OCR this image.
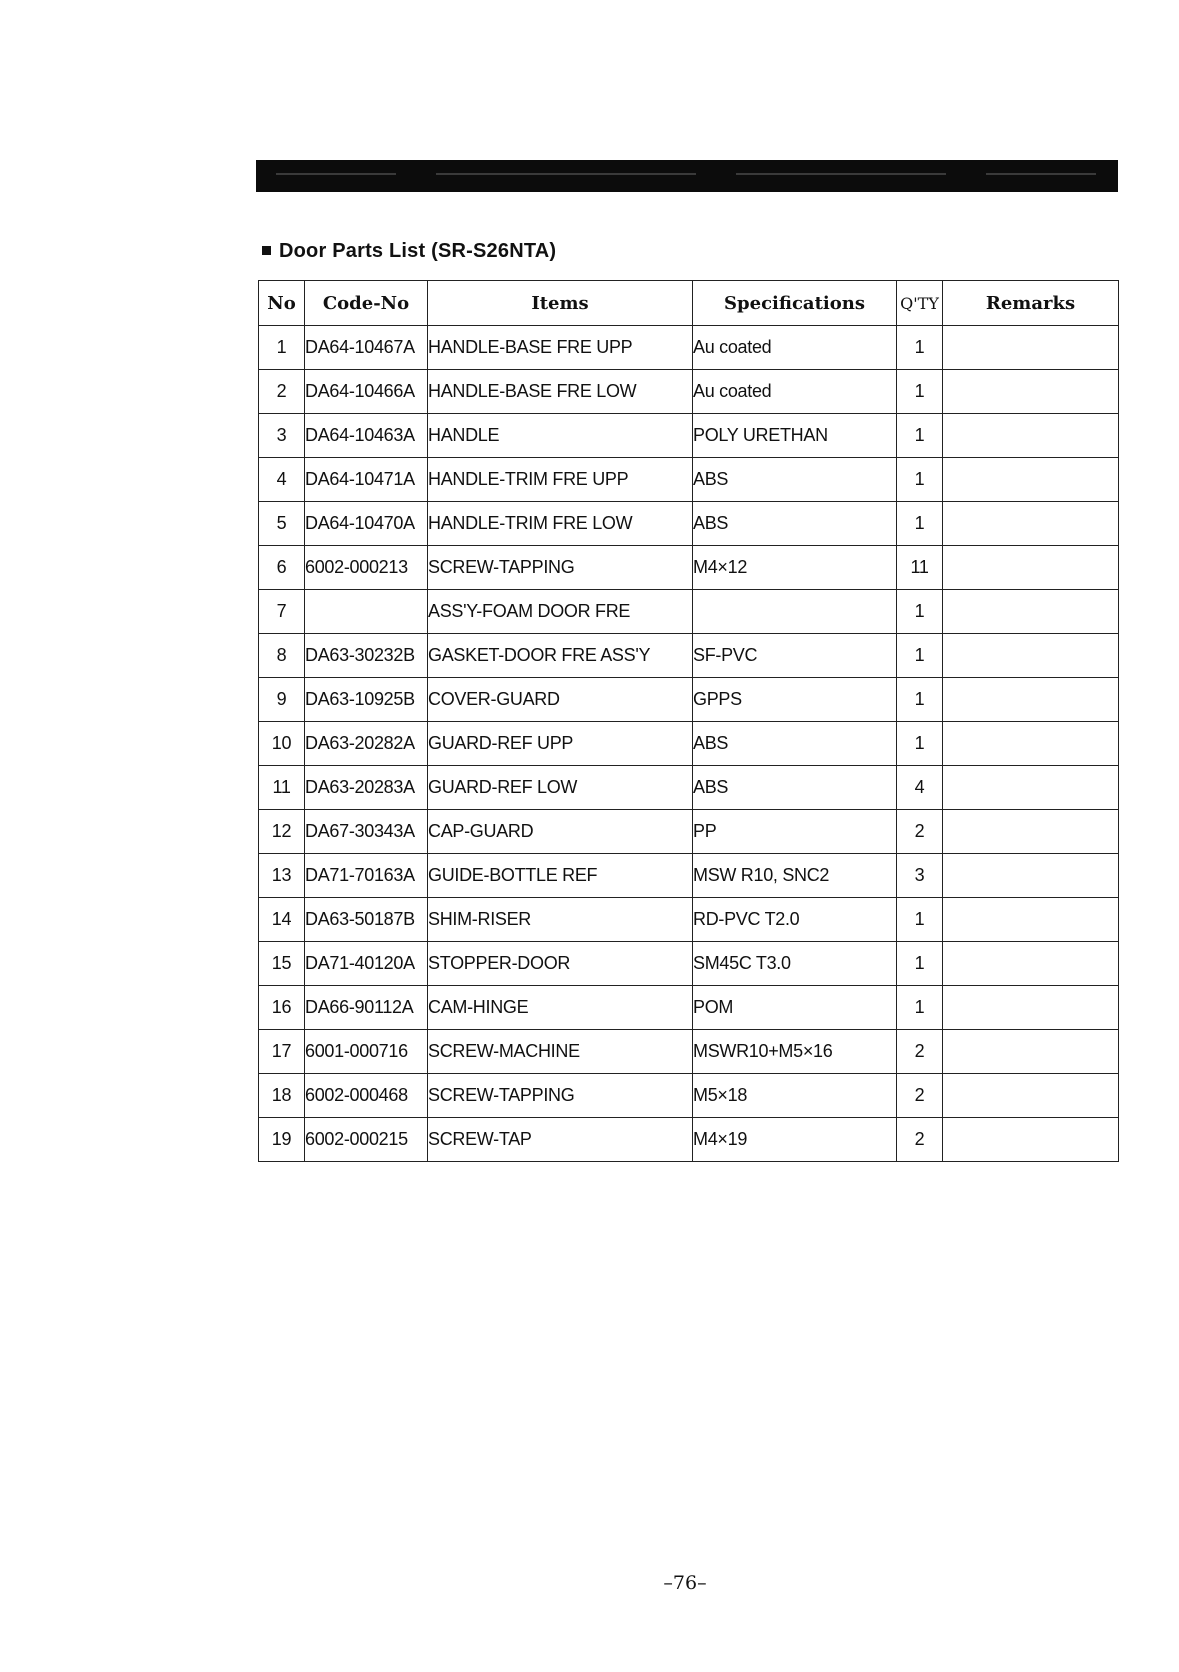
Door Parts List (SR-S26NTA)
No	Code-No	Items	Specifications	Q'TY	Remarks
1	DA64-10467A	HANDLE-BASE FRE UPP	Au coated	1	
2	DA64-10466A	HANDLE-BASE FRE LOW	Au coated	1	
3	DA64-10463A	HANDLE	POLY URETHAN	1	
4	DA64-10471A	HANDLE-TRIM FRE UPP	ABS	1	
5	DA64-10470A	HANDLE-TRIM FRE LOW	ABS	1	
6	6002-000213	SCREW-TAPPING	M4×12	11	
7		ASS'Y-FOAM DOOR FRE		1	
8	DA63-30232B	GASKET-DOOR FRE ASS'Y	SF-PVC	1	
9	DA63-10925B	COVER-GUARD	GPPS	1	
10	DA63-20282A	GUARD-REF UPP	ABS	1	
11	DA63-20283A	GUARD-REF LOW	ABS	4	
12	DA67-30343A	CAP-GUARD	PP	2	
13	DA71-70163A	GUIDE-BOTTLE REF	MSW R10, SNC2	3	
14	DA63-50187B	SHIM-RISER	RD-PVC T2.0	1	
15	DA71-40120A	STOPPER-DOOR	SM45C T3.0	1	
16	DA66-90112A	CAM-HINGE	POM	1	
17	6001-000716	SCREW-MACHINE	MSWR10+M5×16	2	
18	6002-000468	SCREW-TAPPING	M5×18	2	
19	6002-000215	SCREW-TAP	M4×19	2	
–76–
